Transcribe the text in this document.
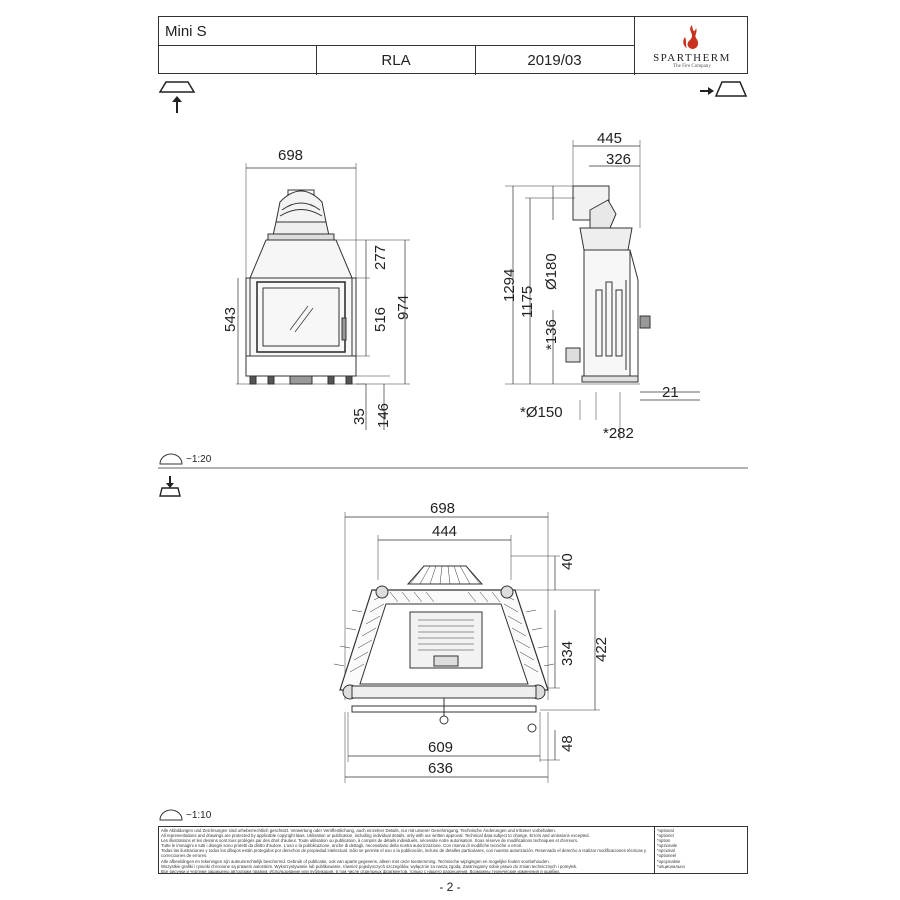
Mini S
RLA	2019/03	SPARTHERM
The Fire Company
698
277
516 974
543
35 146
445
326
1294 1175
Ø180
*136
21
*Ø150
*282
698
444
40
334 422
609
636
48
~1:20
~1:10
Alle Abbildungen und Zeichnungen sind urheberrechtlich geschützt. Verwertung oder Veröffentlichung, auch einzelner Details, nur mit unserer Genehmigung. Technische Änderungen und Irrtümer vorbehalten.
All representations and drawings are protected by applicable copyright laws. Utilisation or publication, including individual details, only with our written approval. Technical data subject to change. Errors and omissions excepted.
Les illustrations et les dessins sont tous protégés par des droit d'auteur. Toute utilisation ou publication, à compris de détails individuels, nécessite notre autorisation. Sous réserve de modifications techniques et d'erreurs.
Tutte le immagini e tutti i disegni sono protetti da diritto d'autore. L'uso o la pubblicazione, anche di dettagli, necessitano della nostra autorizzazione. Con riserva di modifiche tecniche o errori.
Todas las ilustraciones y todos los dibujos están protegidos por derechos de propiedad intelectual. Sólo se permite el uso o la publicación, incluso de detalles particulares, con nuestra autorización. Reservado el derecho a realizar modificaciones técnicas y correcciones de errores.
Alle afbeeldingen en tekeningen zijn auteursrechtelijk beschermd. Gebruik of publicatie, ook van aparte gegevens, alleen met onze toestemming. Technische wijzigingen en mogelijke fouten voorbehouden.
Wszystkie grafiki i rysunki chronione są prawem autorskim. Wykorzystywanie lub publikowanie, również pojedynczych szczegółów, wyłącznie za naszą zgodą. Zastrzegamy sobie prawo do zmian technicznych i pomyłek.
Все рисунки и чертежи защищены авторским правом. Использование или публикация, в том числе отдельных фрагментов, только с нашего разрешения. Возможны технические изменения и ошибки.
*optional
*optionel
*option
*opzionale
*opcional
*optioneel
*opcjonalnie
*опционально
- 2 -
